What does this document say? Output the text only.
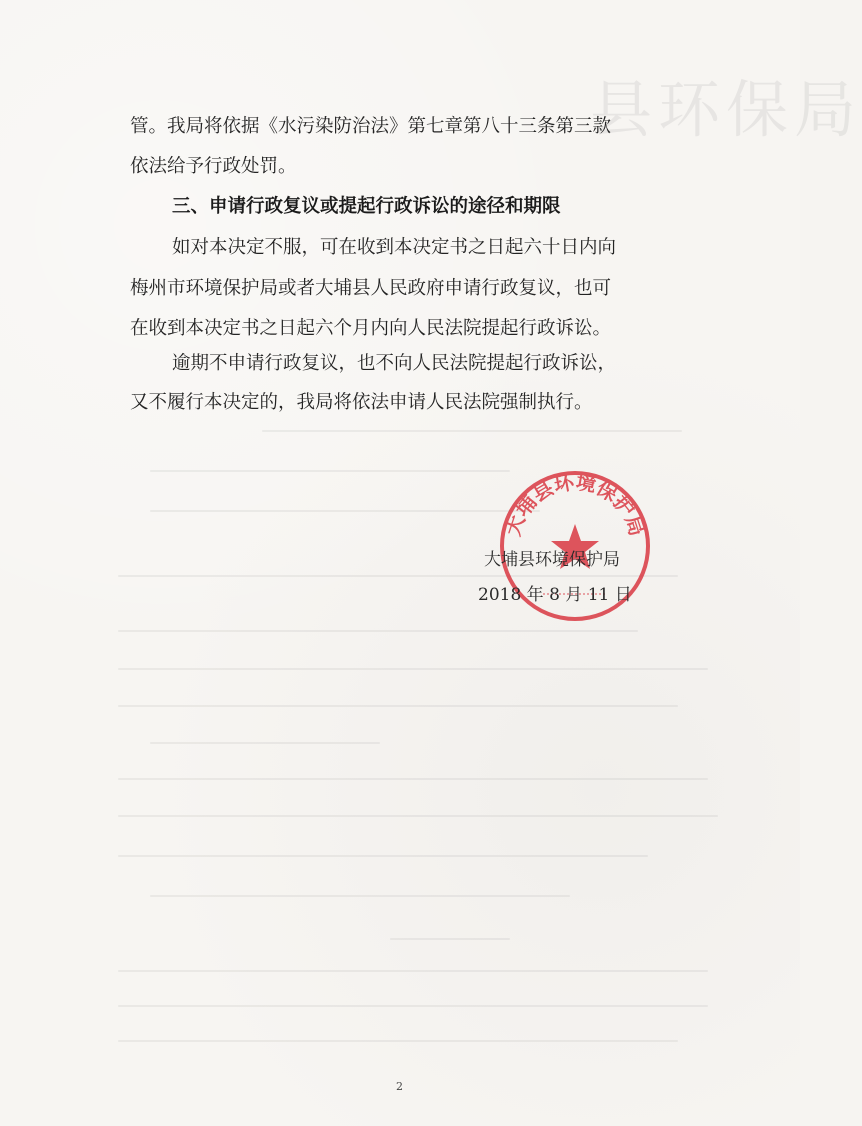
县环保局
管。我局将依据《水污染防治法》第七章第八十三条第三款
依法给予行政处罚。
三、申请行政复议或提起行政诉讼的途径和期限
如对本决定不服，可在收到本决定书之日起六十日内向
梅州市环境保护局或者大埔县人民政府申请行政复议，也可
在收到本决定书之日起六个月内向人民法院提起行政诉讼。
逾期不申请行政复议，也不向人民法院提起行政诉讼，
又不履行本决定的，我局将依法申请人民法院强制执行。
大埔县环境保护局
大埔县环境保护局
2018 年 8 月 11 日
2
